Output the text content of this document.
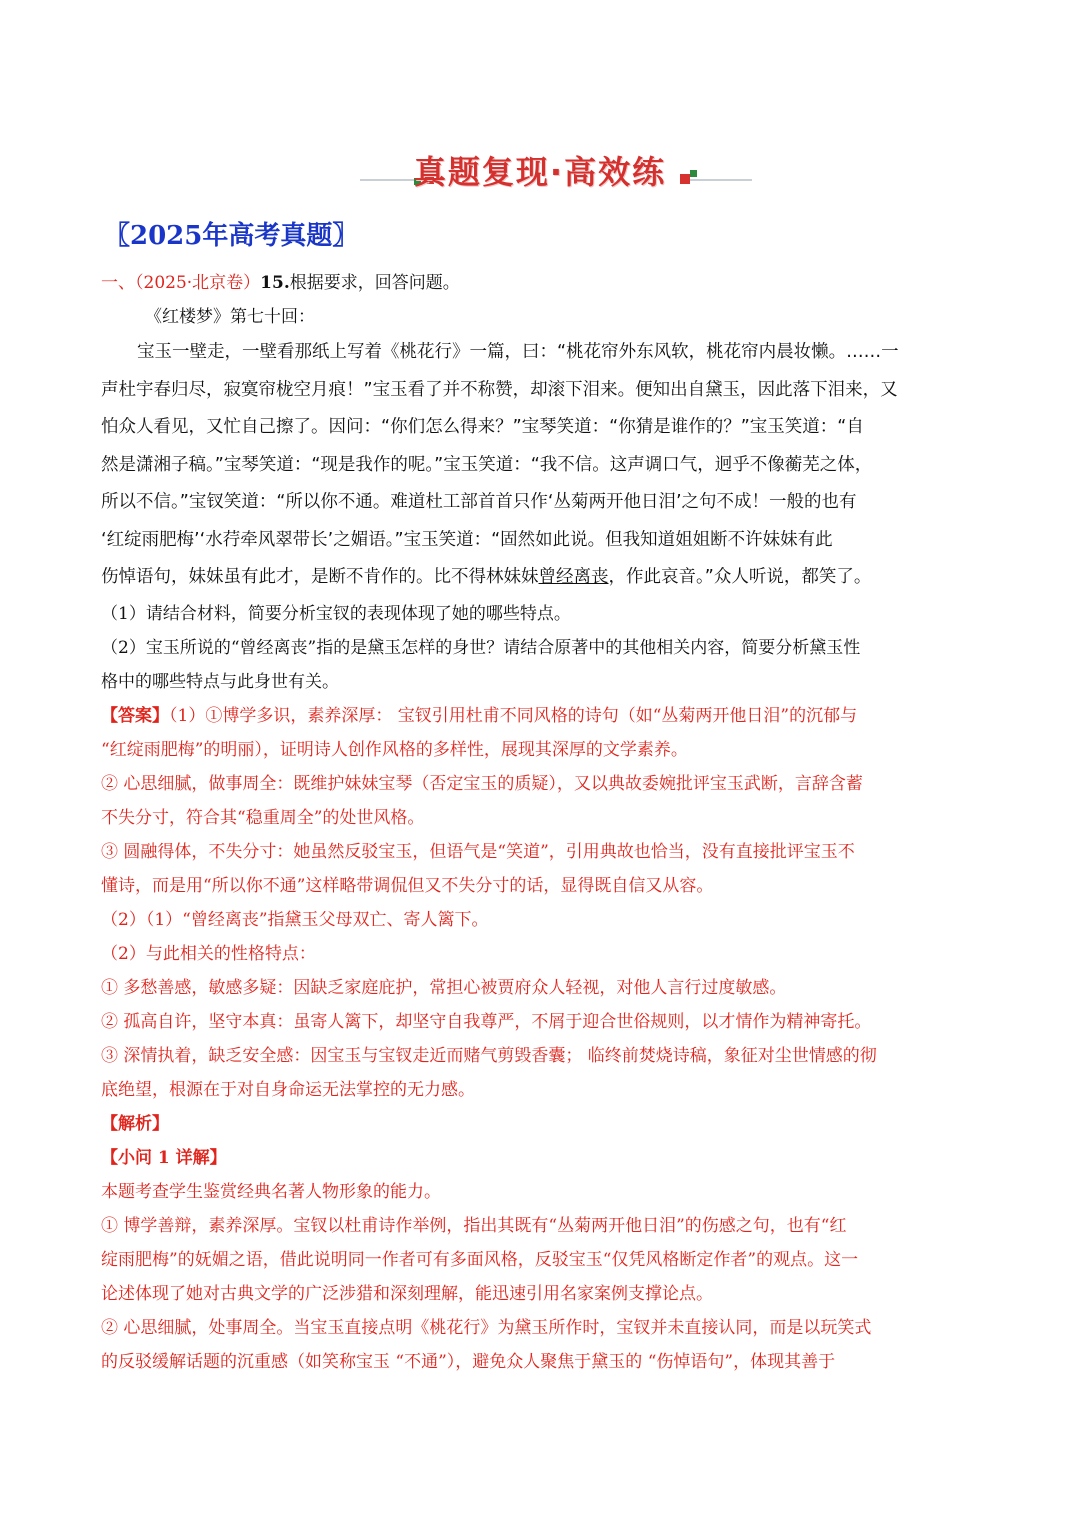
真题复现·高效练
〖2025年高考真题〗

一、（2025·北京卷）15.根据要求，回答问题。

《红楼梦》第七十回：

宝玉一壁走，一壁看那纸上写着《桃花行》一篇，曰：“桃花帘外东风软，桃花帘内晨妆懒。……一

声杜宇春归尽，寂寞帘栊空月痕！”宝玉看了并不称赞，却滚下泪来。便知出自黛玉，因此落下泪来，又

怕众人看见，又忙自己擦了。因问：“你们怎么得来？”宝琴笑道：“你猜是谁作的？”宝玉笑道：“自

然是潇湘子稿。”宝琴笑道：“现是我作的呢。”宝玉笑道：“我不信。这声调口气，迥乎不像蘅芜之体，

所以不信。”宝钗笑道：“所以你不通。难道杜工部首首只作‘丛菊两开他日泪’之句不成！一般的也有

‘红绽雨肥梅’‘水荇牵风翠带长’之媚语。”宝玉笑道：“固然如此说。但我知道姐姐断不许妹妹有此

伤悼语句，妹妹虽有此才，是断不肯作的。比不得林妹妹曾经离丧，作此哀音。”众人听说，都笑了。

（1）请结合材料，简要分析宝钗的表现体现了她的哪些特点。

（2）宝玉所说的“曾经离丧”指的是黛玉怎样的身世？请结合原著中的其他相关内容，简要分析黛玉性

格中的哪些特点与此身世有关。

【答案】（1）①博学多识，素养深厚： 宝钗引用杜甫不同风格的诗句（如“丛菊两开他日泪”的沉郁与

“红绽雨肥梅”的明丽），证明诗人创作风格的多样性，展现其深厚的文学素养。

② 心思细腻，做事周全：既维护妹妹宝琴（否定宝玉的质疑），又以典故委婉批评宝玉武断，言辞含蓄

不失分寸，符合其“稳重周全”的处世风格。

③ 圆融得体，不失分寸：她虽然反驳宝玉，但语气是“笑道”，引用典故也恰当，没有直接批评宝玉不

懂诗，而是用“所以你不通”这样略带调侃但又不失分寸的话，显得既自信又从容。

（2）（1）“曾经离丧”指黛玉父母双亡、寄人篱下。

（2）与此相关的性格特点：

① 多愁善感，敏感多疑：因缺乏家庭庇护，常担心被贾府众人轻视，对他人言行过度敏感。

② 孤高自许，坚守本真：虽寄人篱下，却坚守自我尊严，不屑于迎合世俗规则，以才情作为精神寄托。

③ 深情执着，缺乏安全感：因宝玉与宝钗走近而赌气剪毁香囊； 临终前焚烧诗稿，象征对尘世情感的彻

底绝望，根源在于对自身命运无法掌控的无力感。

【解析】

【小问 1 详解】

本题考查学生鉴赏经典名著人物形象的能力。

① 博学善辩，素养深厚。宝钗以杜甫诗作举例，指出其既有“丛菊两开他日泪”的伤感之句，也有“红

绽雨肥梅”的妩媚之语，借此说明同一作者可有多面风格，反驳宝玉“仅凭风格断定作者”的观点。这一

论述体现了她对古典文学的广泛涉猎和深刻理解，能迅速引用名家案例支撑论点。

② 心思细腻，处事周全。当宝玉直接点明《桃花行》为黛玉所作时，宝钗并未直接认同，而是以玩笑式

的反驳缓解话题的沉重感（如笑称宝玉 “不通”），避免众人聚焦于黛玉的 “伤悼语句”，体现其善于
